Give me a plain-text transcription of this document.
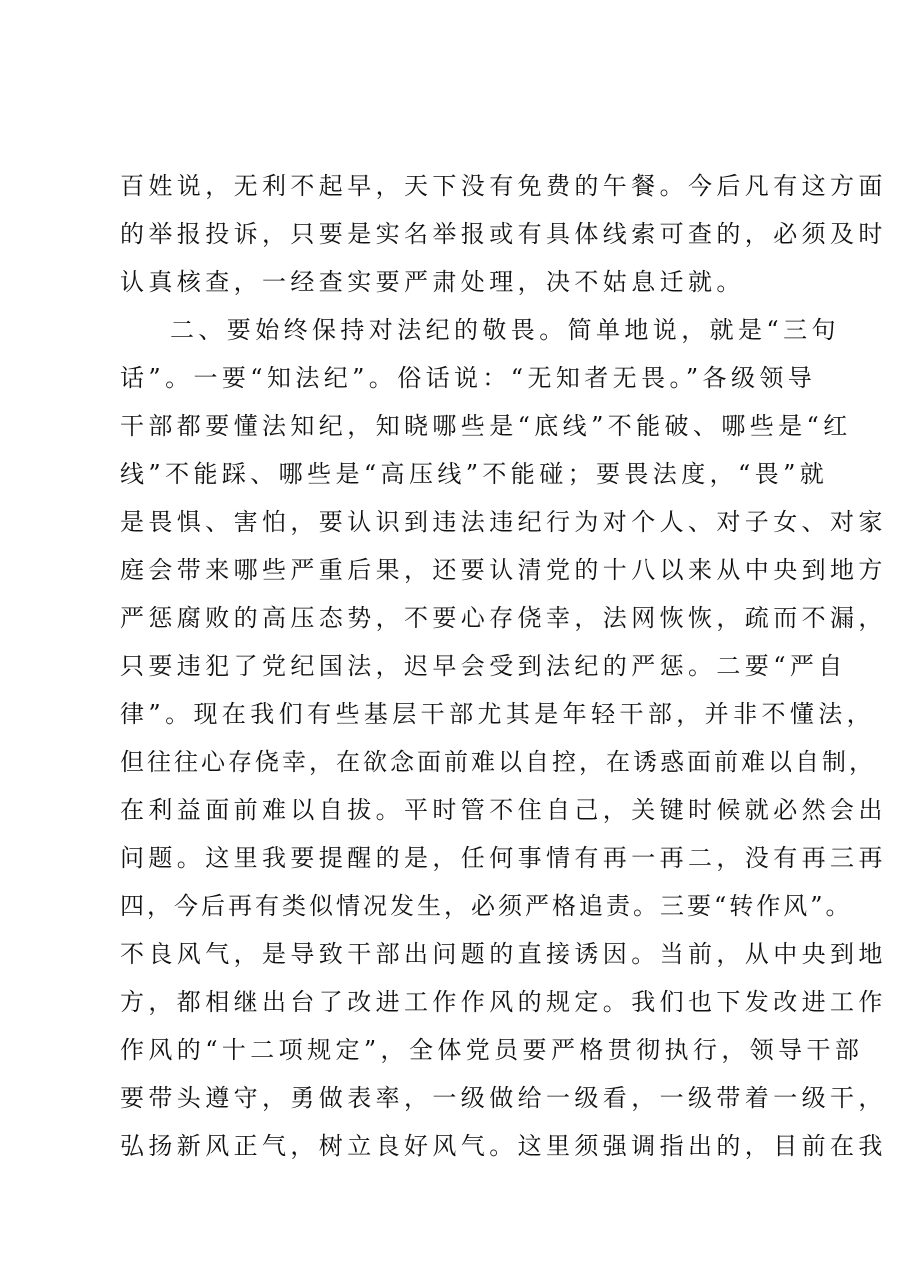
百姓说，无利不起早，天下没有免费的午餐。今后凡有这方面
的举报投诉，只要是实名举报或有具体线索可查的，必须及时
认真核查，一经查实要严肃处理，决不姑息迁就。
二、要始终保持对法纪的敬畏。简单地说，就是“三句
话”。一要“知法纪”。俗话说：“无知者无畏。”各级领导
干部都要懂法知纪，知晓哪些是“底线”不能破、哪些是“红
线”不能踩、哪些是“高压线”不能碰；要畏法度，“畏”就
是畏惧、害怕，要认识到违法违纪行为对个人、对子女、对家
庭会带来哪些严重后果，还要认清党的十八以来从中央到地方
严惩腐败的高压态势，不要心存侥幸，法网恢恢，疏而不漏，
只要违犯了党纪国法，迟早会受到法纪的严惩。二要“严自
律”。现在我们有些基层干部尤其是年轻干部，并非不懂法，
但往往心存侥幸，在欲念面前难以自控，在诱惑面前难以自制，
在利益面前难以自拔。平时管不住自己，关键时候就必然会出
问题。这里我要提醒的是，任何事情有再一再二，没有再三再
四，今后再有类似情况发生，必须严格追责。三要“转作风”。
不良风气，是导致干部出问题的直接诱因。当前，从中央到地
方，都相继出台了改进工作作风的规定。我们也下发改进工作
作风的“十二项规定”，全体党员要严格贯彻执行，领导干部
要带头遵守，勇做表率，一级做给一级看，一级带着一级干，
弘扬新风正气，树立良好风气。这里须强调指出的，目前在我
